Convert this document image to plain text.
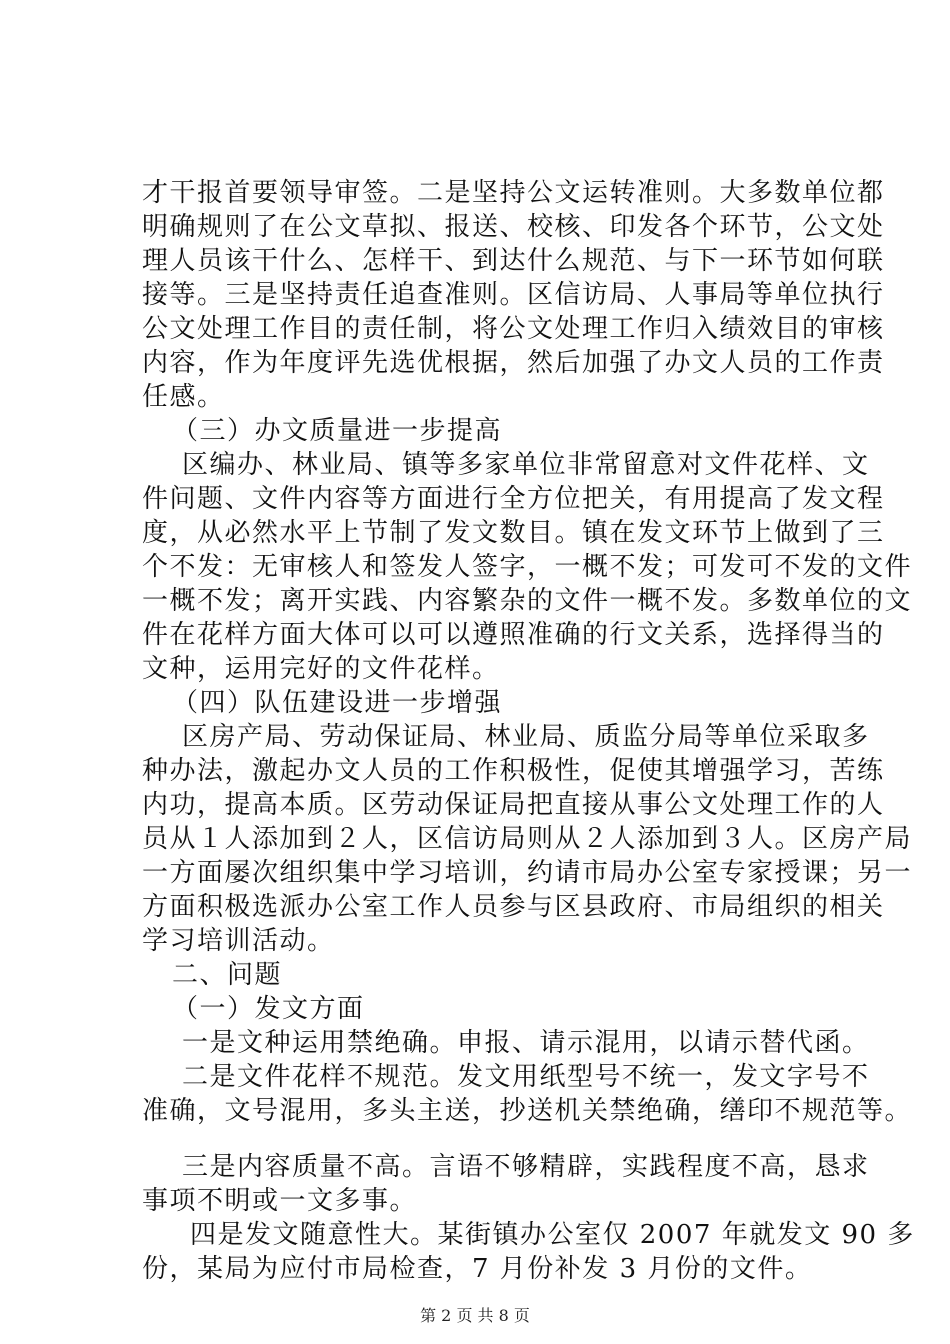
才干报首要领导审签。二是坚持公文运转准则。大多数单位都
明确规则了在公文草拟、报送、校核、印发各个环节，公文处
理人员该干什么、怎样干、到达什么规范、与下一环节如何联
接等。三是坚持责任追查准则。区信访局、人事局等单位执行
公文处理工作目的责任制，将公文处理工作归入绩效目的审核
内容，作为年度评先选优根据，然后加强了办文人员的工作责
任感。
（三）办文质量进一步提高
区编办、林业局、镇等多家单位非常留意对文件花样、文
件问题、文件内容等方面进行全方位把关，有用提高了发文程
度，从必然水平上节制了发文数目。镇在发文环节上做到了三
个不发：无审核人和签发人签字，一概不发；可发可不发的文件
一概不发；离开实践、内容繁杂的文件一概不发。多数单位的文
件在花样方面大体可以可以遵照准确的行文关系，选择得当的
文种，运用完好的文件花样。
（四）队伍建设进一步增强
区房产局、劳动保证局、林业局、质监分局等单位采取多
种办法，激起办文人员的工作积极性，促使其增强学习，苦练
内功，提高本质。区劳动保证局把直接从事公文处理工作的人
员从１人添加到２人，区信访局则从２人添加到３人。区房产局
一方面屡次组织集中学习培训，约请市局办公室专家授课；另一
方面积极选派办公室工作人员参与区县政府、市局组织的相关
学习培训活动。
二、问题
（一）发文方面
一是文种运用禁绝确。申报、请示混用，以请示替代函。
二是文件花样不规范。发文用纸型号不统一，发文字号不
准确，文号混用，多头主送，抄送机关禁绝确，缮印不规范等。
三是内容质量不高。言语不够精辟，实践程度不高，恳求
事项不明或一文多事。
四是发文随意性大。某街镇办公室仅 2007 年就发文 90 多
份，某局为应付市局检查，7 月份补发 3 月份的文件。
第 2 页 共 8 页
